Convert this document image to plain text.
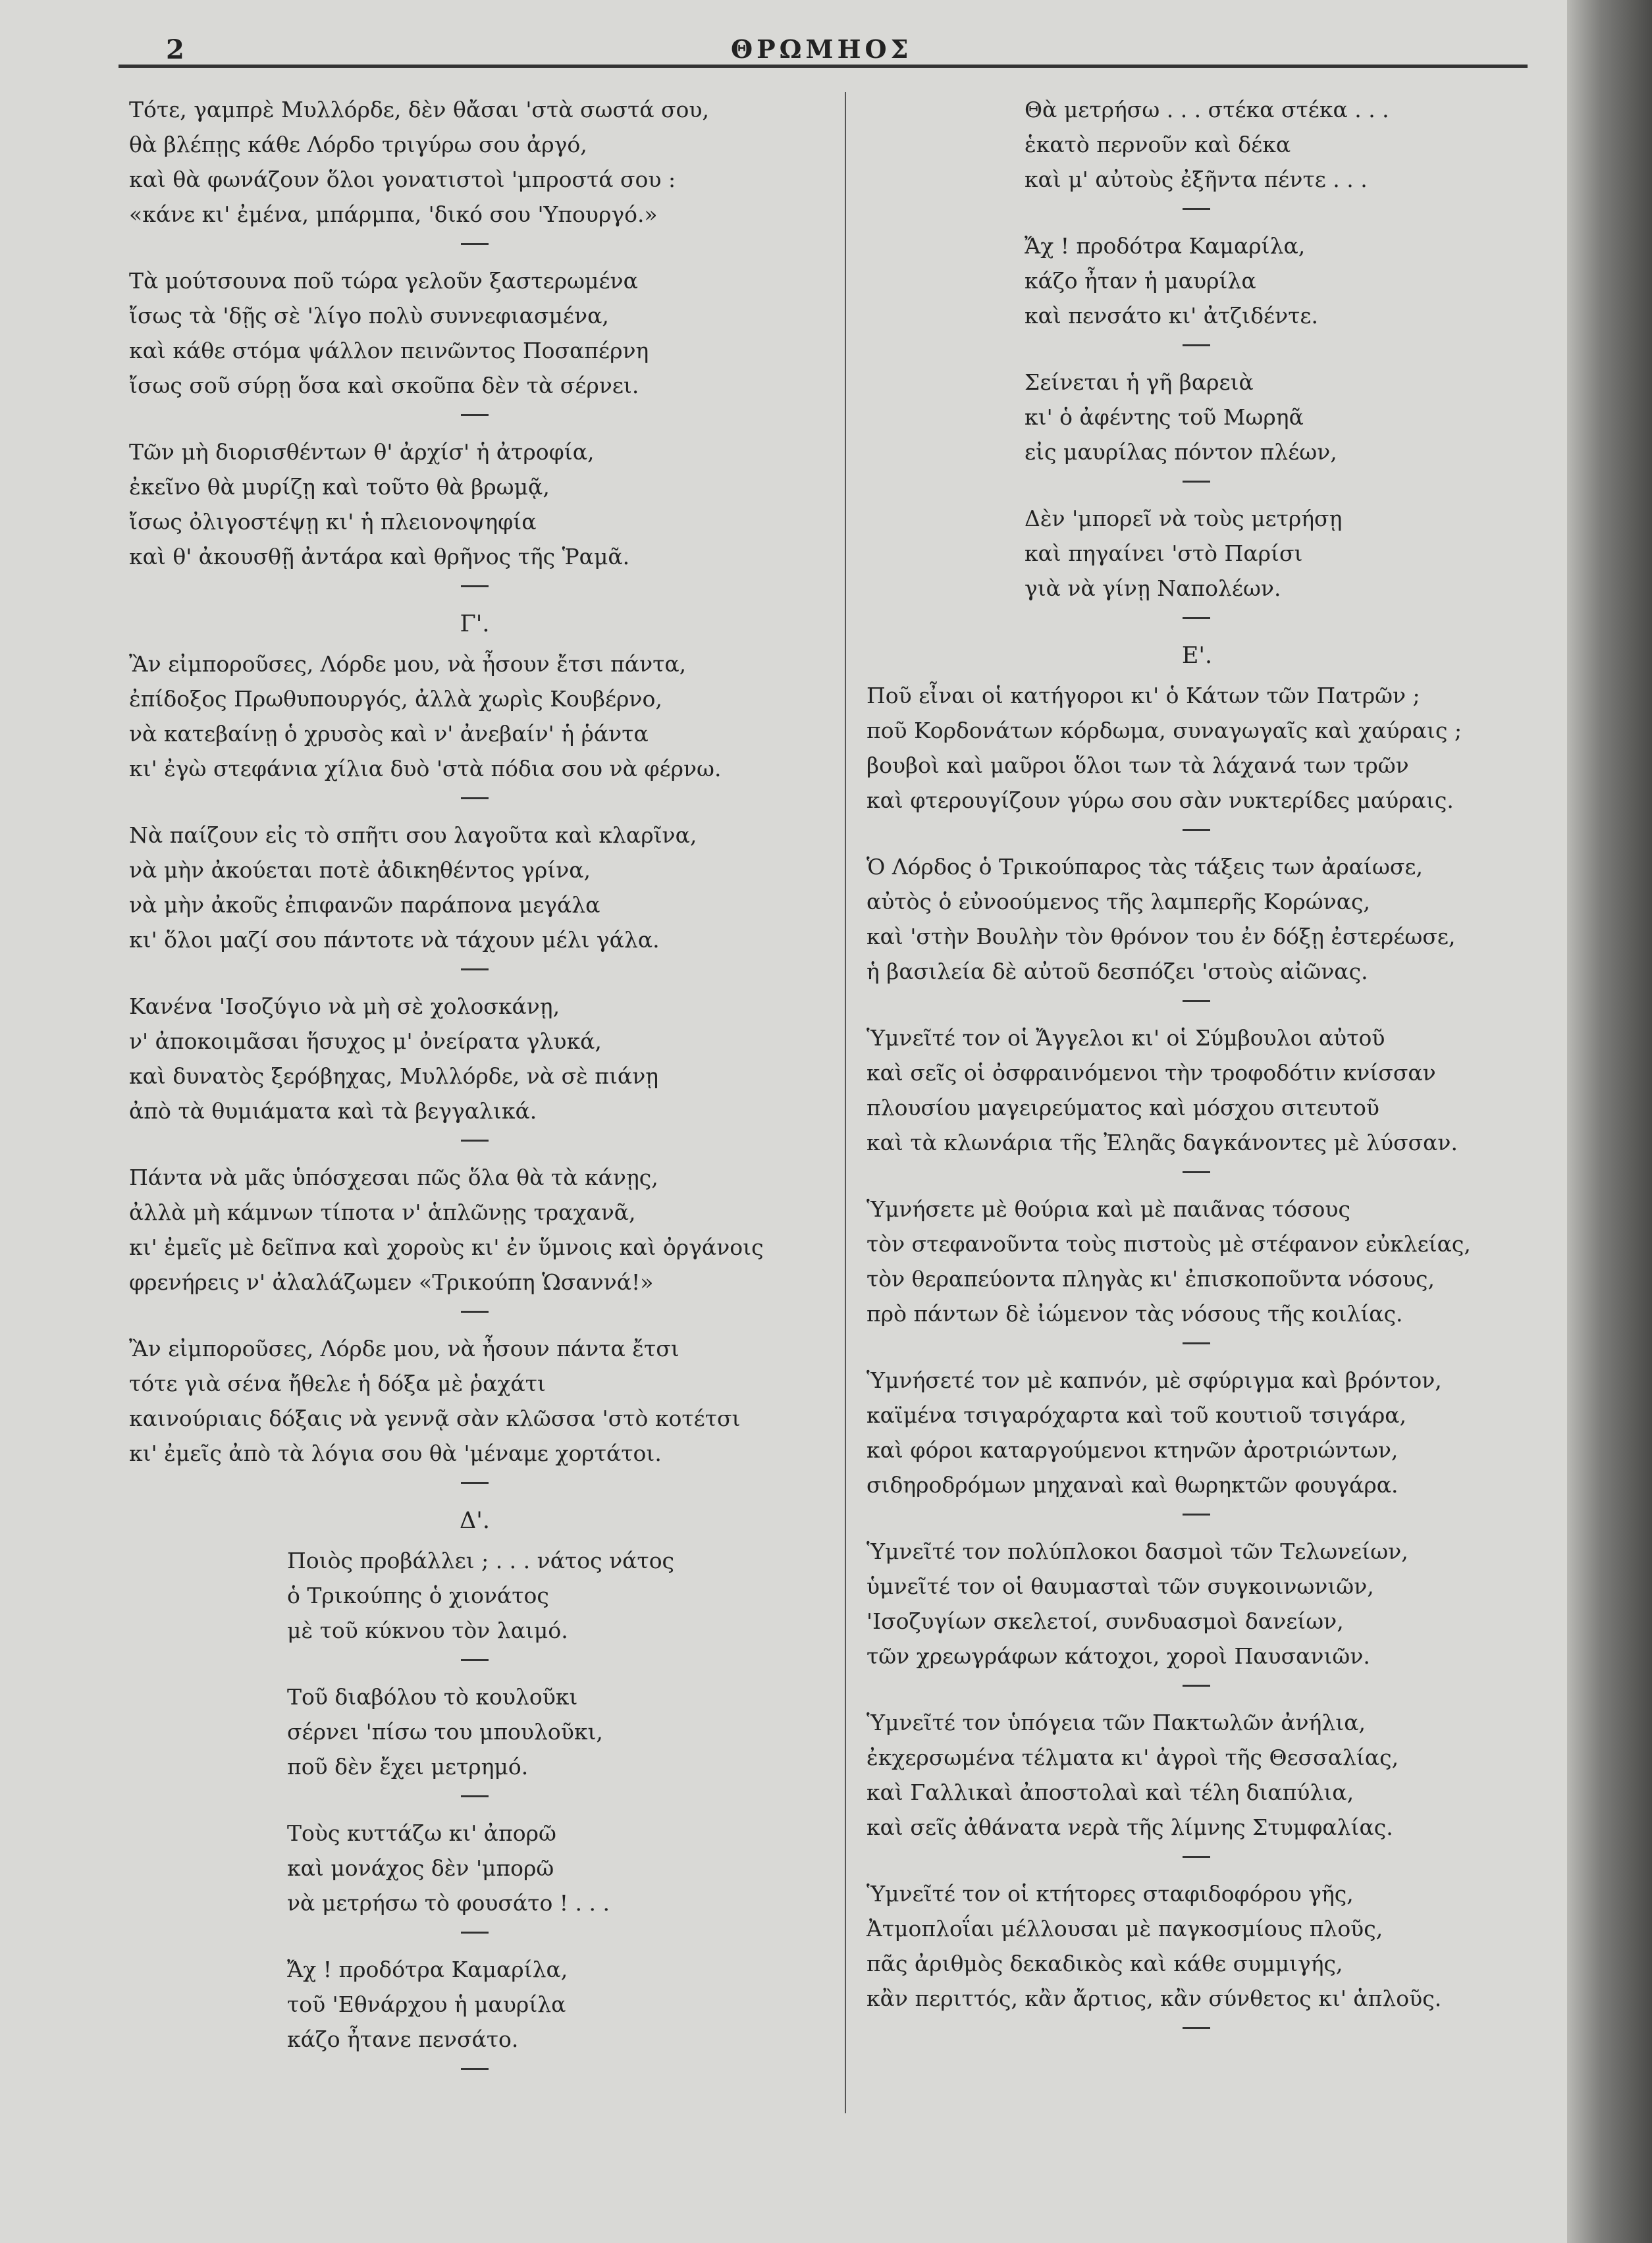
2	ΘΡΩΜΗΟΣ
Τότε, γαμπρὲ Μυλλόρδε, δὲν θἄσαι 'στὰ σωστά σου,
θὰ βλέπῃς κάθε Λόρδο τριγύρω σου ἀργό,
καὶ θὰ φωνάζουν ὅλοι γονατιστοὶ 'μπροστά σου :
«κάνε κι' ἐμένα, μπάρμπα, 'δικό σου 'Υπουργό.»
Τὰ μούτσουνα ποῦ τώρα γελοῦν ξαστερωμένα
ἴσως τὰ 'δῇς σὲ 'λίγο πολὺ συννεφιασμένα,
καὶ κάθε στόμα ψάλλον πεινῶντος Ποσαπέρνη
ἴσως σοῦ σύρῃ ὅσα καὶ σκοῦπα δὲν τὰ σέρνει.
Τῶν μὴ διορισθέντων θ' ἀρχίσ' ἡ ἀτροφία,
ἐκεῖνο θὰ μυρίζῃ καὶ τοῦτο θὰ βρωμᾷ,
ἴσως ὀλιγοστέψῃ κι' ἡ πλειονοψηφία
καὶ θ' ἀκουσθῇ ἀντάρα καὶ θρῆνος τῆς Ῥαμᾶ.
Γ'.
Ἂν εἰμποροῦσες, Λόρδε μου, νὰ ἦσουν ἔτσι πάντα,
ἐπίδοξος Πρωθυπουργός, ἀλλὰ χωρὶς Κουβέρνο,
νὰ κατεβαίνῃ ὁ χρυσὸς καὶ ν' ἀνεβαίν' ἡ ῥάντα
κι' ἐγὼ στεφάνια χίλια δυὸ 'στὰ πόδια σου νὰ φέρνω.
Νὰ παίζουν εἰς τὸ σπῆτι σου λαγοῦτα καὶ κλαρῖνα,
νὰ μὴν ἀκούεται ποτὲ ἀδικηθέντος γρίνα,
νὰ μὴν ἀκοῦς ἐπιφανῶν παράπονα μεγάλα
κι' ὅλοι μαζί σου πάντοτε νὰ τάχουν μέλι γάλα.
Κανένα 'Ισοζύγιο νὰ μὴ σὲ χολοσκάνῃ,
ν' ἀποκοιμᾶσαι ἥσυχος μ' ὀνείρατα γλυκά,
καὶ δυνατὸς ξερόβηχας, Μυλλόρδε, νὰ σὲ πιάνῃ
ἀπὸ τὰ θυμιάματα καὶ τὰ βεγγαλικά.
Πάντα νὰ μᾶς ὑπόσχεσαι πῶς ὅλα θὰ τὰ κάνῃς,
ἀλλὰ μὴ κάμνων τίποτα ν' ἁπλῶνῃς τραχανᾶ,
κι' ἐμεῖς μὲ δεῖπνα καὶ χοροὺς κι' ἐν ὕμνοις καὶ ὀργάνοις
φρενήρεις ν' ἀλαλάζωμεν «Τρικούπη Ὡσαννά!»
Ἂν εἰμποροῦσες, Λόρδε μου, νὰ ἦσουν πάντα ἔτσι
τότε γιὰ σένα ἤθελε ἡ δόξα μὲ ῥαχάτι
καινούριαις δόξαις νὰ γεννᾷ σὰν κλῶσσα 'στὸ κοτέτσι
κι' ἐμεῖς ἀπὸ τὰ λόγια σου θὰ 'μέναμε χορτάτοι.
Δ'.
Ποιὸς προβάλλει ; . . . νάτος νάτος
ὁ Τρικούπης ὁ χιονάτος
μὲ τοῦ κύκνου τὸν λαιμό.
Τοῦ διαβόλου τὸ κουλοῦκι
σέρνει 'πίσω του μπουλοῦκι,
ποῦ δὲν ἔχει μετρημό.
Τοὺς κυττάζω κι' ἀπορῶ
καὶ μονάχος δὲν 'μπορῶ
νὰ μετρήσω τὸ φουσάτο ! . . .
Ἄχ ! προδότρα Καμαρίλα,
τοῦ 'Εθνάρχου ἡ μαυρίλα
κάζο ἦτανε πενσάτο.
Θὰ μετρήσω . . . στέκα στέκα . . .
ἑκατὸ περνοῦν καὶ δέκα
καὶ μ' αὐτοὺς ἐξῆντα πέντε . . .
Ἄχ ! προδότρα Καμαρίλα,
κάζο ἦταν ἡ μαυρίλα
καὶ πενσάτο κι' ἀτζιδέντε.
Σείνεται ἡ γῆ βαρειὰ
κι' ὁ ἀφέντης τοῦ Μωρηᾶ
εἰς μαυρίλας πόντον πλέων,
Δὲν 'μπορεῖ νὰ τοὺς μετρήσῃ
καὶ πηγαίνει 'στὸ Παρίσι
γιὰ νὰ γίνῃ Ναπολέων.
Ε'.
Ποῦ εἶναι οἱ κατήγοροι κι' ὁ Κάτων τῶν Πατρῶν ;
ποῦ Κορδονάτων κόρδωμα, συναγωγαῖς καὶ χαύραις ;
βουβοὶ καὶ μαῦροι ὅλοι των τὰ λάχανά των τρῶν
καὶ φτερουγίζουν γύρω σου σὰν νυκτερίδες μαύραις.
Ὁ Λόρδος ὁ Τρικούπαρος τὰς τάξεις των ἀραίωσε,
αὐτὸς ὁ εὐνοούμενος τῆς λαμπερῆς Κορώνας,
καὶ 'στὴν Βουλὴν τὸν θρόνον του ἐν δόξῃ ἐστερέωσε,
ἡ βασιλεία δὲ αὐτοῦ δεσπόζει 'στοὺς αἰῶνας.
Ὑμνεῖτέ τον οἱ Ἄγγελοι κι' οἱ Σύμβουλοι αὐτοῦ
καὶ σεῖς οἱ ὀσφραινόμενοι τὴν τροφοδότιν κνίσσαν
πλουσίου μαγειρεύματος καὶ μόσχου σιτευτοῦ
καὶ τὰ κλωνάρια τῆς Ἐληᾶς δαγκάνοντες μὲ λύσσαν.
Ὑμνήσετε μὲ θούρια καὶ μὲ παιᾶνας τόσους
τὸν στεφανοῦντα τοὺς πιστοὺς μὲ στέφανον εὐκλείας,
τὸν θεραπεύοντα πληγὰς κι' ἐπισκοποῦντα νόσους,
πρὸ πάντων δὲ ἰώμενον τὰς νόσους τῆς κοιλίας.
Ὑμνήσετέ τον μὲ καπνόν, μὲ σφύριγμα καὶ βρόντον,
καϊμένα τσιγαρόχαρτα καὶ τοῦ κουτιοῦ τσιγάρα,
καὶ φόροι καταργούμενοι κτηνῶν ἀροτριώντων,
σιδηροδρόμων μηχαναὶ καὶ θωρηκτῶν φουγάρα.
Ὑμνεῖτέ τον πολύπλοκοι δασμοὶ τῶν Τελωνείων,
ὑμνεῖτέ τον οἱ θαυμασταὶ τῶν συγκοινωνιῶν,
'Ισοζυγίων σκελετοί, συνδυασμοὶ δανείων,
τῶν χρεωγράφων κάτοχοι, χοροὶ Παυσανιῶν.
Ὑμνεῖτέ τον ὑπόγεια τῶν Πακτωλῶν ἀνήλια,
ἐκχερσωμένα τέλματα κι' ἀγροὶ τῆς Θεσσαλίας,
καὶ Γαλλικαὶ ἀποστολαὶ καὶ τέλη διαπύλια,
καὶ σεῖς ἀθάνατα νερὰ τῆς λίμνης Στυμφαλίας.
Ὑμνεῖτέ τον οἱ κτήτορες σταφιδοφόρου γῆς,
Ἀτμοπλοΐαι μέλλουσαι μὲ παγκοσμίους πλοῦς,
πᾶς ἀριθμὸς δεκαδικὸς καὶ κάθε συμμιγής,
κἂν περιττός, κἂν ἄρτιος, κἂν σύνθετος κι' ἁπλοῦς.
